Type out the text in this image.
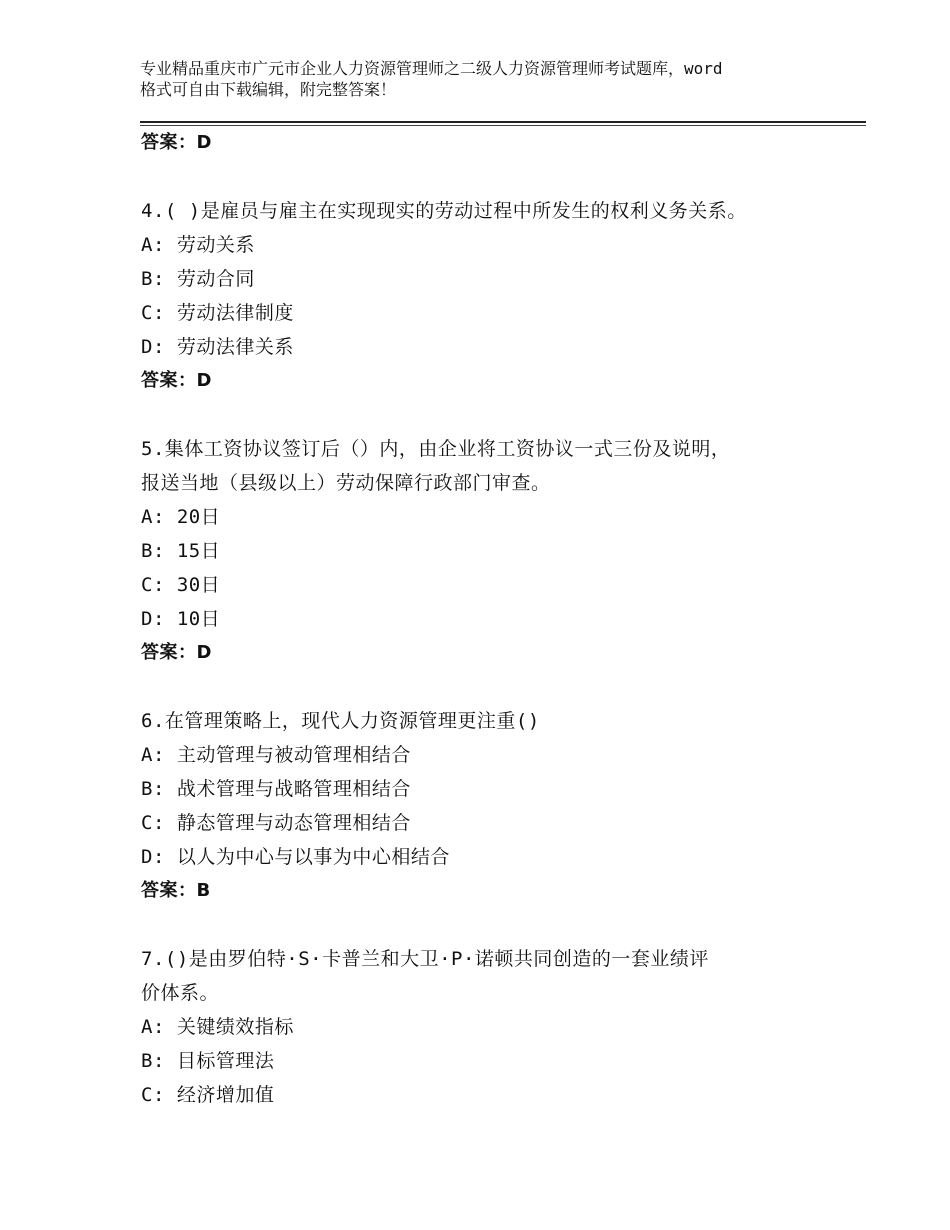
专业精品重庆市广元市企业人力资源管理师之二级人力资源管理师考试题库，word
格式可自由下载编辑，附完整答案！
答案：D
4.( )是雇员与雇主在实现现实的劳动过程中所发生的权利义务关系。
A: 劳动关系
B: 劳动合同
C: 劳动法律制度
D: 劳动法律关系
答案：D
5.集体工资协议签订后（）内，由企业将工资协议一式三份及说明，
报送当地（县级以上）劳动保障行政部门审查。
A: 20日
B: 15日
C: 30日
D: 10日
答案：D
6.在管理策略上，现代人力资源管理更注重()
A: 主动管理与被动管理相结合
B: 战术管理与战略管理相结合
C: 静态管理与动态管理相结合
D: 以人为中心与以事为中心相结合
答案：B
7.()是由罗伯特·S·卡普兰和大卫·P·诺顿共同创造的一套业绩评
价体系。
A: 关键绩效指标
B: 目标管理法
C: 经济增加值
